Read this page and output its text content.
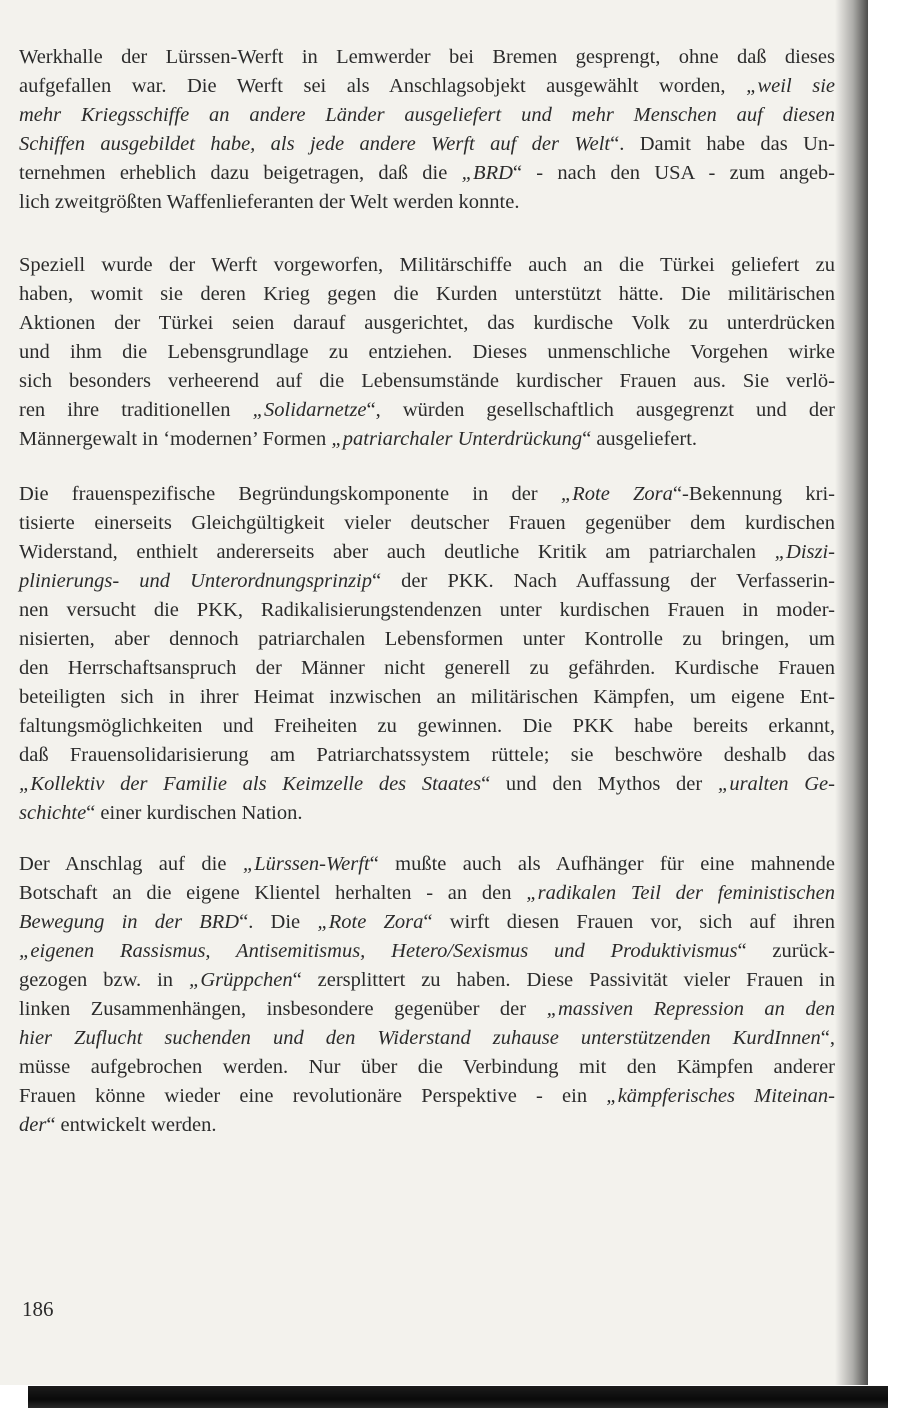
Werkhalle der Lürssen-Werft in Lemwerder bei Bremen gesprengt, ohne daß dieses
aufgefallen war. Die Werft sei als Anschlagsobjekt ausgewählt worden, „weil sie
mehr Kriegsschiffe an andere Länder ausgeliefert und mehr Menschen auf diesen
Schiffen ausgebildet habe, als jede andere Werft auf der Welt“. Damit habe das Un-
ternehmen erheblich dazu beigetragen, daß die „BRD“ - nach den USA - zum angeb-
lich zweitgrößten Waffenlieferanten der Welt werden konnte.
Speziell wurde der Werft vorgeworfen, Militärschiffe auch an die Türkei geliefert zu
haben, womit sie deren Krieg gegen die Kurden unterstützt hätte. Die militärischen
Aktionen der Türkei seien darauf ausgerichtet, das kurdische Volk zu unterdrücken
und ihm die Lebensgrundlage zu entziehen. Dieses unmenschliche Vorgehen wirke
sich besonders verheerend auf die Lebensumstände kurdischer Frauen aus. Sie verlö-
ren ihre traditionellen „Solidarnetze“, würden gesellschaftlich ausgegrenzt und der
Männergewalt in ‘modernen’ Formen „patriarchaler Unterdrückung“ ausgeliefert.
Die frauenspezifische Begründungskomponente in der „Rote Zora“-Bekennung kri-
tisierte einerseits Gleichgültigkeit vieler deutscher Frauen gegenüber dem kurdischen
Widerstand, enthielt andererseits aber auch deutliche Kritik am patriarchalen „Diszi-
plinierungs- und Unterordnungsprinzip“ der PKK. Nach Auffassung der Verfasserin-
nen versucht die PKK, Radikalisierungstendenzen unter kurdischen Frauen in moder-
nisierten, aber dennoch patriarchalen Lebensformen unter Kontrolle zu bringen, um
den Herrschaftsanspruch der Männer nicht generell zu gefährden. Kurdische Frauen
beteiligten sich in ihrer Heimat inzwischen an militärischen Kämpfen, um eigene Ent-
faltungsmöglichkeiten und Freiheiten zu gewinnen. Die PKK habe bereits erkannt,
daß Frauensolidarisierung am Patriarchatssystem rüttele; sie beschwöre deshalb das
„Kollektiv der Familie als Keimzelle des Staates“ und den Mythos der „uralten Ge-
schichte“ einer kurdischen Nation.
Der Anschlag auf die „Lürssen-Werft“ mußte auch als Aufhänger für eine mahnende
Botschaft an die eigene Klientel herhalten - an den „radikalen Teil der feministischen
Bewegung in der BRD“. Die „Rote Zora“ wirft diesen Frauen vor, sich auf ihren
„eigenen Rassismus, Antisemitismus, Hetero/Sexismus und Produktivismus“ zurück-
gezogen bzw. in „Grüppchen“ zersplittert zu haben. Diese Passivität vieler Frauen in
linken Zusammenhängen, insbesondere gegenüber der „massiven Repression an den
hier Zuflucht suchenden und den Widerstand zuhause unterstützenden KurdInnen“,
müsse aufgebrochen werden. Nur über die Verbindung mit den Kämpfen anderer
Frauen könne wieder eine revolutionäre Perspektive - ein „kämpferisches Miteinan-
der“ entwickelt werden.
186
